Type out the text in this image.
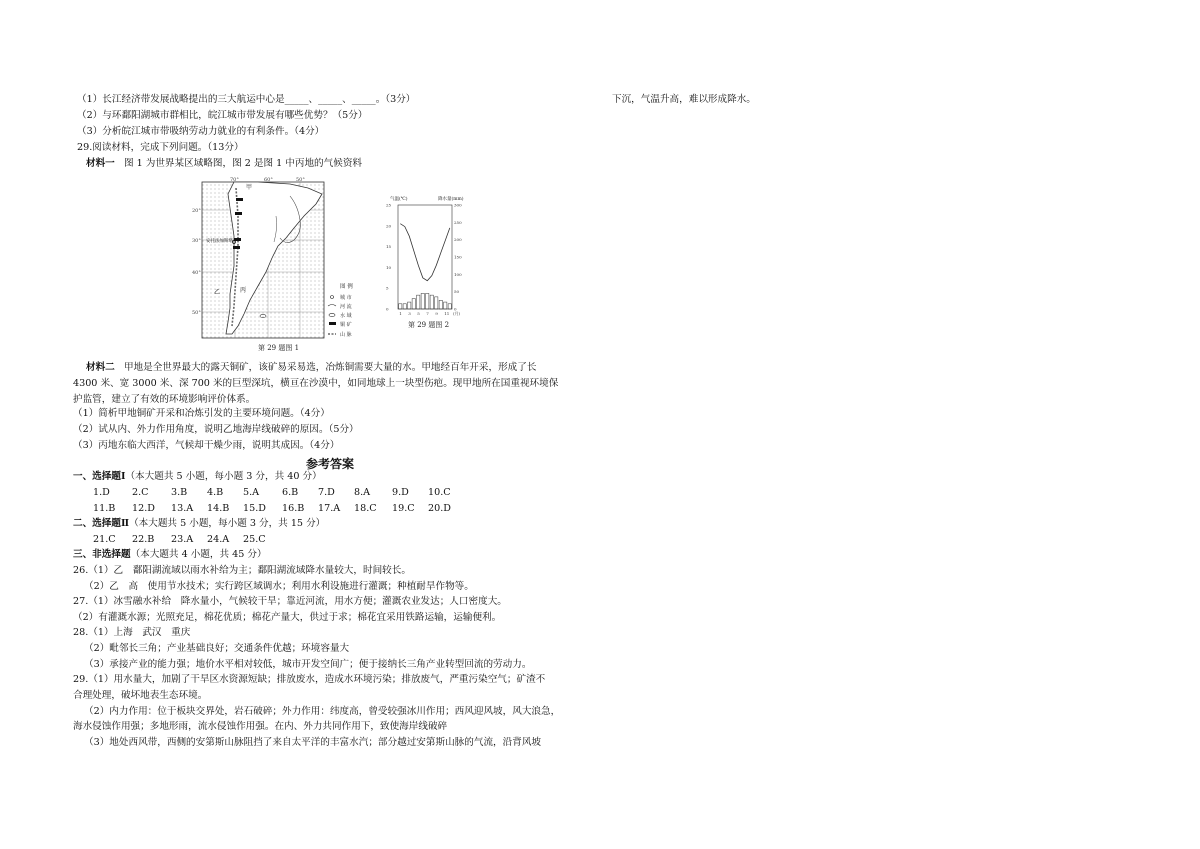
（1）长江经济带发展战略提出的三大航运中心是_____、_____、_____。（3分）
（2）与环鄱阳湖城市群相比，皖江城市带发展有哪些优势？（5分）
（3）分析皖江城市带吸纳劳动力就业的有利条件。（4分）
29.阅读材料，完成下列问题。（13分）
材料一 图 1 为世界某区域略图，图 2 是图 1 中丙地的气候资料
甲
安托法加斯塔
乙	丙
70°	60°	50°
20°
30°
40°
50°
图 例
城 市
河 流
水 域
铜 矿
山 脉
第 29 题图 1
气温(℃)	降水量(mm)
25
20
15
10
5
0
300
250
200
150
100
50
0
1 3 5 7 9 11 (月)
第 29 题图 2
材料二 甲地是全世界最大的露天铜矿，该矿易采易选，冶炼铜需要大量的水。甲地经百年开采，形成了长
4300 米、宽 3000 米、深 700 米的巨型深坑，横亘在沙漠中，如同地球上一块型伤疤。现甲地所在国重视环境保
护监管，建立了有效的环境影响评价体系。
（1）简析甲地铜矿开采和冶炼引发的主要环境问题。（4分）
（2）试从内、外力作用角度，说明乙地海岸线破碎的原因。（5分）
（3）丙地东临大西洋，气候却干燥少雨，说明其成因。（4分）
参考答案
一、选择题Ⅰ（本大题共 5 小题，每小题 3 分，共 40 分）
1.D	2.C	3.B	4.B	5.A	6.B	7.D	8.A	9.D	10.C
11.B	12.D	13.A	14.B	15.D	16.B	17.A	18.C	19.C	20.D
二、选择题Ⅱ（本大题共 5 小题，每小题 3 分，共 15 分）
21.C	22.B	23.A	24.A	25.C
三、非选择题（本大题共 4 小题，共 45 分）
26.（1）乙　鄱阳湖流域以雨水补给为主；鄱阳湖流域降水量较大，时间较长。
（2）乙　高　使用节水技术；实行跨区域调水；利用水利设施进行灌溉；种植耐旱作物等。
27.（1）冰雪融水补给　降水量小，气候较干旱；靠近河流，用水方便；灌溉农业发达；人口密度大。
（2）有灌溉水源；光照充足，棉花优质；棉花产量大，供过于求；棉花宜采用铁路运输，运输便利。
28.（1）上海　武汉　重庆
（2）毗邻长三角；产业基础良好；交通条件优越；环境容量大
（3）承接产业的能力强；地价水平相对较低，城市开发空间广；便于接纳长三角产业转型回流的劳动力。
29.（1）用水量大，加剧了干旱区水资源短缺；排放废水，造成水环境污染；排放废气，严重污染空气；矿渣不
合理处理，破坏地表生态环境。
（2）内力作用：位于板块交界处，岩石破碎；外力作用：纬度高，曾受较强冰川作用；西风迎风坡，风大浪急，
海水侵蚀作用强；多地形雨，流水侵蚀作用强。在内、外力共同作用下，致使海岸线破碎
（3）地处西风带，西侧的安第斯山脉阻挡了来自太平洋的丰富水汽；部分越过安第斯山脉的气流，沿背风坡
下沉，气温升高，难以形成降水。
